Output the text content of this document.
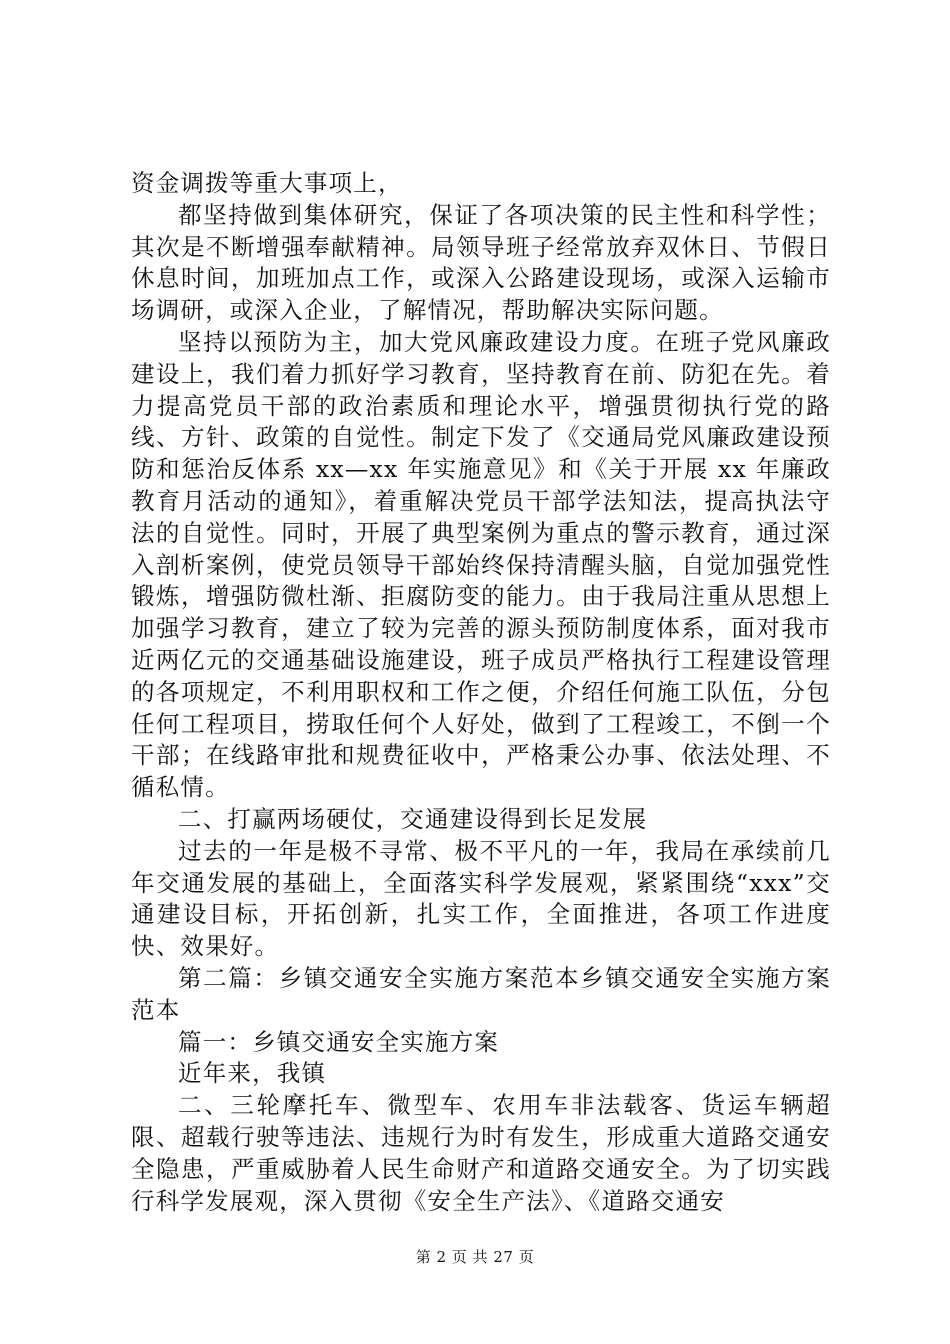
资金调拨等重大事项上，

都坚持做到集体研究，保证了各项决策的民主性和科学性；其次是不断增强奉献精神。局领导班子经常放弃双休日、节假日休息时间，加班加点工作，或深入公路建设现场，或深入运输市场调研，或深入企业，了解情况，帮助解决实际问题。

坚持以预防为主，加大党风廉政建设力度。在班子党风廉政建设上，我们着力抓好学习教育，坚持教育在前、防犯在先。着力提高党员干部的政治素质和理论水平，增强贯彻执行党的路线、方针、政策的自觉性。制定下发了《交通局党风廉政建设预防和惩治反体系 xx—xx 年实施意见》和《关于开展 xx 年廉政教育月活动的通知》，着重解决党员干部学法知法，提高执法守法的自觉性。同时，开展了典型案例为重点的警示教育，通过深入剖析案例，使党员领导干部始终保持清醒头脑，自觉加强党性锻炼，增强防微杜渐、拒腐防变的能力。由于我局注重从思想上加强学习教育，建立了较为完善的源头预防制度体系，面对我市近两亿元的交通基础设施建设，班子成员严格执行工程建设管理的各项规定，不利用职权和工作之便，介绍任何施工队伍，分包任何工程项目，捞取任何个人好处，做到了工程竣工，不倒一个干部；在线路审批和规费征收中，严格秉公办事、依法处理、不循私情。

二、打赢两场硬仗，交通建设得到长足发展

过去的一年是极不寻常、极不平凡的一年，我局在承续前几年交通发展的基础上，全面落实科学发展观，紧紧围绕“xxx”交通建设目标，开拓创新，扎实工作，全面推进，各项工作进度快、效果好。

第二篇：乡镇交通安全实施方案范本乡镇交通安全实施方案范本

篇一：乡镇交通安全实施方案

近年来，我镇

二、三轮摩托车、微型车、农用车非法载客、货运车辆超限、超载行驶等违法、违规行为时有发生，形成重大道路交通安全隐患，严重威胁着人民生命财产和道路交通安全。为了切实践行科学发展观，深入贯彻《安全生产法》、《道路交通安

第 2 页 共 27 页
